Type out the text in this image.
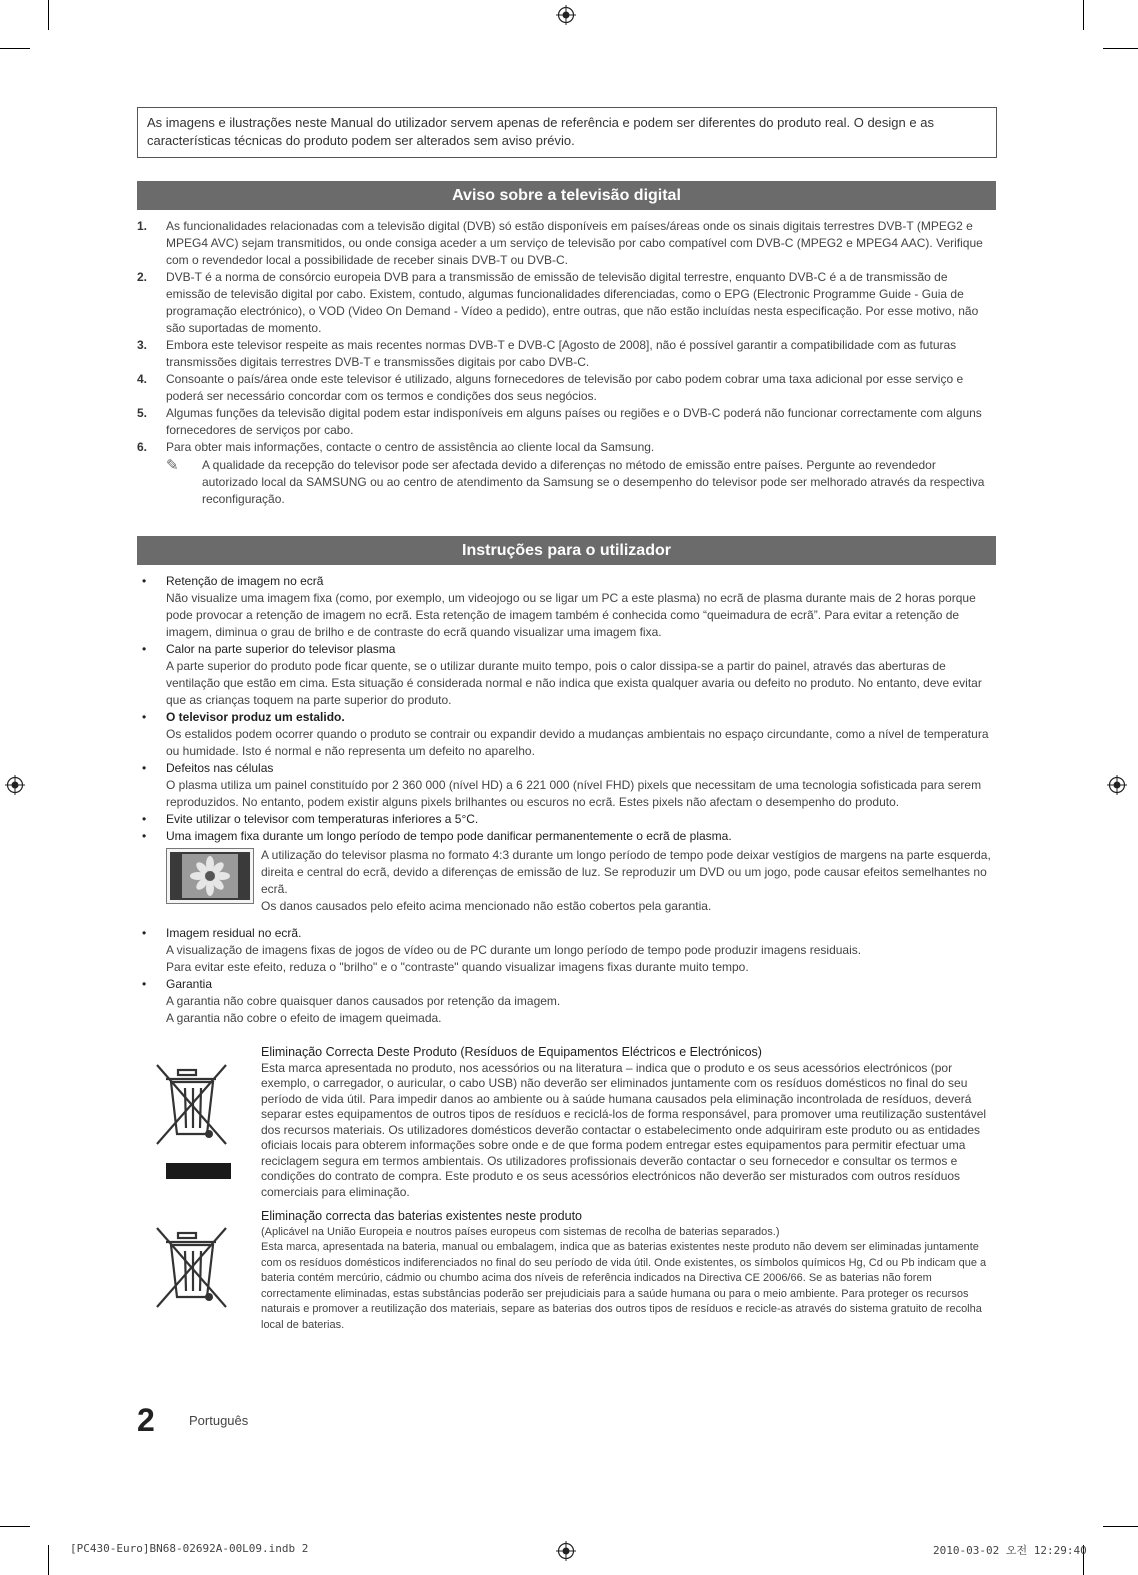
As imagens e ilustrações neste Manual do utilizador servem apenas de referência e podem ser diferentes do produto real. O design e as características técnicas do produto podem ser alterados sem aviso prévio.
Aviso sobre a televisão digital
1.	As funcionalidades relacionadas com a televisão digital (DVB) só estão disponíveis em países/áreas onde os sinais digitais terrestres DVB-T (MPEG2 e MPEG4 AVC) sejam transmitidos, ou onde consiga aceder a um serviço de televisão por cabo compatível com DVB-C (MPEG2 e MPEG4 AAC). Verifique com o revendedor local a possibilidade de receber sinais DVB-T ou DVB-C.
2.	DVB-T é a norma de consórcio europeia DVB para a transmissão de emissão de televisão digital terrestre, enquanto DVB-C é a de transmissão de emissão de televisão digital por cabo. Existem, contudo, algumas funcionalidades diferenciadas, como o EPG (Electronic Programme Guide - Guia de programação electrónico), o VOD (Video On Demand - Vídeo a pedido), entre outras, que não estão incluídas nesta especificação. Por esse motivo, não são suportadas de momento.
3.	Embora este televisor respeite as mais recentes normas DVB-T e DVB-C [Agosto de 2008], não é possível garantir a compatibilidade com as futuras transmissões digitais terrestres DVB-T e transmissões digitais por cabo DVB-C.
4.	Consoante o país/área onde este televisor é utilizado, alguns fornecedores de televisão por cabo podem cobrar uma taxa adicional por esse serviço e poderá ser necessário concordar com os termos e condições dos seus negócios.
5.	Algumas funções da televisão digital podem estar indisponíveis em alguns países ou regiões e o DVB-C poderá não funcionar correctamente com alguns fornecedores de serviços por cabo.
6.	Para obter mais informações, contacte o centro de assistência ao cliente local da Samsung.
✎	A qualidade da recepção do televisor pode ser afectada devido a diferenças no método de emissão entre países. Pergunte ao revendedor autorizado local da SAMSUNG ou ao centro de atendimento da Samsung se o desempenho do televisor pode ser melhorado através da respectiva reconfiguração.
Instruções para o utilizador
•	Retenção de imagem no ecrã

Não visualize uma imagem fixa (como, por exemplo, um videojogo ou se ligar um PC a este plasma) no ecrã de plasma durante mais de 2 horas porque pode provocar a retenção de imagem no ecrã. Esta retenção de imagem também é conhecida como “queimadura de ecrã”. Para evitar a retenção de imagem, diminua o grau de brilho e de contraste do ecrã quando visualizar uma imagem fixa.

•	Calor na parte superior do televisor plasma

A parte superior do produto pode ficar quente, se o utilizar durante muito tempo, pois o calor dissipa-se a partir do painel, através das aberturas de ventilação que estão em cima. Esta situação é considerada normal e não indica que exista qualquer avaria ou defeito no produto. No entanto, deve evitar que as crianças toquem na parte superior do produto.

•	O televisor produz um estalido.

Os estalidos podem ocorrer quando o produto se contrair ou expandir devido a mudanças ambientais no espaço circundante, como a nível de temperatura ou humidade. Isto é normal e não representa um defeito no aparelho.

•	Defeitos nas células

O plasma utiliza um painel constituído por 2 360 000 (nível HD) a 6 221 000 (nível FHD) pixels que necessitam de uma tecnologia sofisticada para serem reproduzidos. No entanto, podem existir alguns pixels brilhantes ou escuros no ecrã. Estes pixels não afectam o desempenho do produto.

•	Evite utilizar o televisor com temperaturas inferiores a 5°C.
•	Uma imagem fixa durante um longo período de tempo pode danificar permanentemente o ecrã de plasma.

A utilização do televisor plasma no formato 4:3 durante um longo período de tempo pode deixar vestígios de margens na parte esquerda, direita e central do ecrã, devido a diferenças de emissão de luz. Se reproduzir um DVD ou um jogo, pode causar efeitos semelhantes no ecrã.

Os danos causados pelo efeito acima mencionado não estão cobertos pela garantia.

•	Imagem residual no ecrã.

A visualização de imagens fixas de jogos de vídeo ou de PC durante um longo período de tempo pode produzir imagens residuais.

Para evitar este efeito, reduza o "brilho" e o "contraste" quando visualizar imagens fixas durante muito tempo.

•	Garantia

A garantia não cobre quaisquer danos causados por retenção da imagem.

A garantia não cobre o efeito de imagem queimada.

Eliminação Correcta Deste Produto (Resíduos de Equipamentos Eléctricos e Electrónicos)

Esta marca apresentada no produto, nos acessórios ou na literatura – indica que o produto e os seus acessórios electrónicos (por exemplo, o carregador, o auricular, o cabo USB) não deverão ser eliminados juntamente com os resíduos domésticos no final do seu período de vida útil. Para impedir danos ao ambiente ou à saúde humana causados pela eliminação incontrolada de resíduos, deverá separar estes equipamentos de outros tipos de resíduos e reciclá-los de forma responsável, para promover uma reutilização sustentável dos recursos materiais. Os utilizadores domésticos deverão contactar o estabelecimento onde adquiriram este produto ou as entidades oficiais locais para obterem informações sobre onde e de que forma podem entregar estes equipamentos para permitir efectuar uma reciclagem segura em termos ambientais. Os utilizadores profissionais deverão contactar o seu fornecedor e consultar os termos e condições do contrato de compra. Este produto e os seus acessórios electrónicos não deverão ser misturados com outros resíduos comerciais para eliminação.

Eliminação correcta das baterias existentes neste produto

(Aplicável na União Europeia e noutros países europeus com sistemas de recolha de baterias separados.)

Esta marca, apresentada na bateria, manual ou embalagem, indica que as baterias existentes neste produto não devem ser eliminadas juntamente com os resíduos domésticos indiferenciados no final do seu período de vida útil. Onde existentes, os símbolos químicos Hg, Cd ou Pb indicam que a bateria contém mercúrio, cádmio ou chumbo acima dos níveis de referência indicados na Directiva CE 2006/66. Se as baterias não forem correctamente eliminadas, estas substâncias poderão ser prejudiciais para a saúde humana ou para o meio ambiente. Para proteger os recursos naturais e promover a reutilização dos materiais, separe as baterias dos outros tipos de resíduos e recicle-as através do sistema gratuito de recolha local de baterias.

2	Português
[PC430-Euro]BN68-02692A-00L09.indb 2	2010-03-02 오전 12:29:40
